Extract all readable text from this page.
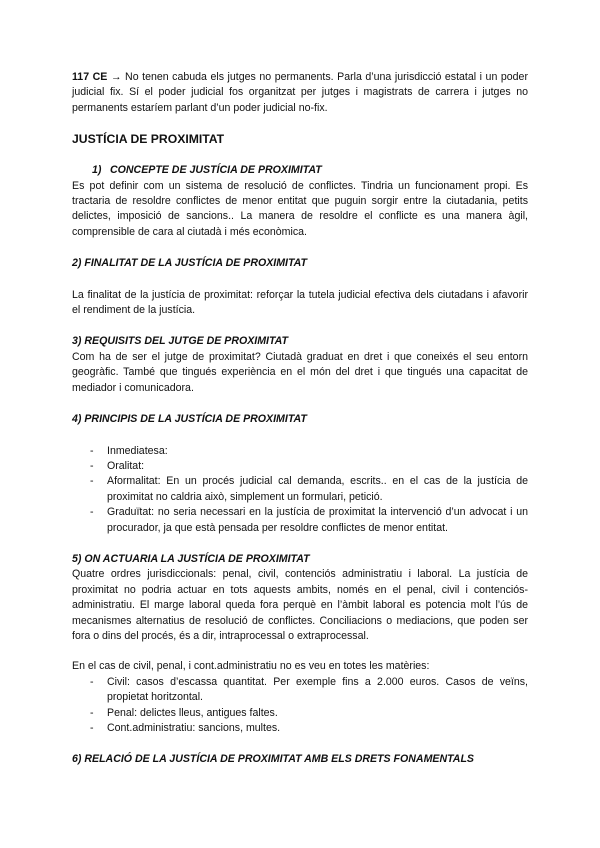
117 CE → No tenen cabuda els jutges no permanents. Parla d’una jurisdicció estatal i un poder judicial fix. Sí el poder judicial fos organitzat per jutges i magistrats de carrera i jutges no permanents estaríem parlant d’un poder judicial no-fix.

JUSTÍCIA DE PROXIMITAT
1) CONCEPTE DE JUSTÍCIA DE PROXIMITAT

Es pot definir com un sistema de resolució de conflictes. Tindria un funcionament propi. Es tractaria de resoldre conflictes de menor entitat que puguin sorgir entre la ciutadania, petits delictes, imposició de sancions.. La manera de resoldre el conflicte es una manera àgil, comprensible de cara al ciutadà i més econòmica.

2) FINALITAT DE LA JUSTÍCIA DE PROXIMITAT

La finalitat de la justícia de proximitat: reforçar la tutela judicial efectiva dels ciutadans i afavorir el rendiment de la justícia.

3) REQUISITS DEL JUTGE DE PROXIMITAT

Com ha de ser el jutge de proximitat? Ciutadà graduat en dret i que coneixés el seu entorn geogràfic. També que tingués experiència en el món del dret i que tingués una capacitat de mediador i comunicadora.

4) PRINCIPIS DE LA JUSTÍCIA DE PROXIMITAT
- Inmediatesa:
- Oralitat:
- Aformalitat: En un procés judicial cal demanda, escrits.. en el cas de la justícia de proximitat no caldria això, simplement un formulari, petició.
- Graduïtat: no seria necessari en la justícia de proximitat la intervenció d’un advocat i un procurador, ja que està pensada per resoldre conflictes de menor entitat.
5) ON ACTUARIA LA JUSTÍCIA DE PROXIMITAT

Quatre ordres jurisdiccionals: penal, civil, contenciós administratiu i laboral. La justícia de proximitat no podria actuar en tots aquests ambits, només en el penal, civil i contenciós-administratiu. El marge laboral queda fora perquè en l’àmbit laboral es potencia molt l’ús de mecanismes alternatius de resolució de conflictes. Conciliacions o mediacions, que poden ser fora o dins del procés, és a dir, intraprocessal o extraprocessal.

En el cas de civil, penal, i cont.administratiu no es veu en totes les matèries:

- Civil: casos d’escassa quantitat. Per exemple fins a 2.000 euros. Casos de veïns, propietat horitzontal.
- Penal: delictes lleus, antigues faltes.
- Cont.administratiu: sancions, multes.
6) RELACIÓ DE LA JUSTÍCIA DE PROXIMITAT AMB ELS DRETS FONAMENTALS
